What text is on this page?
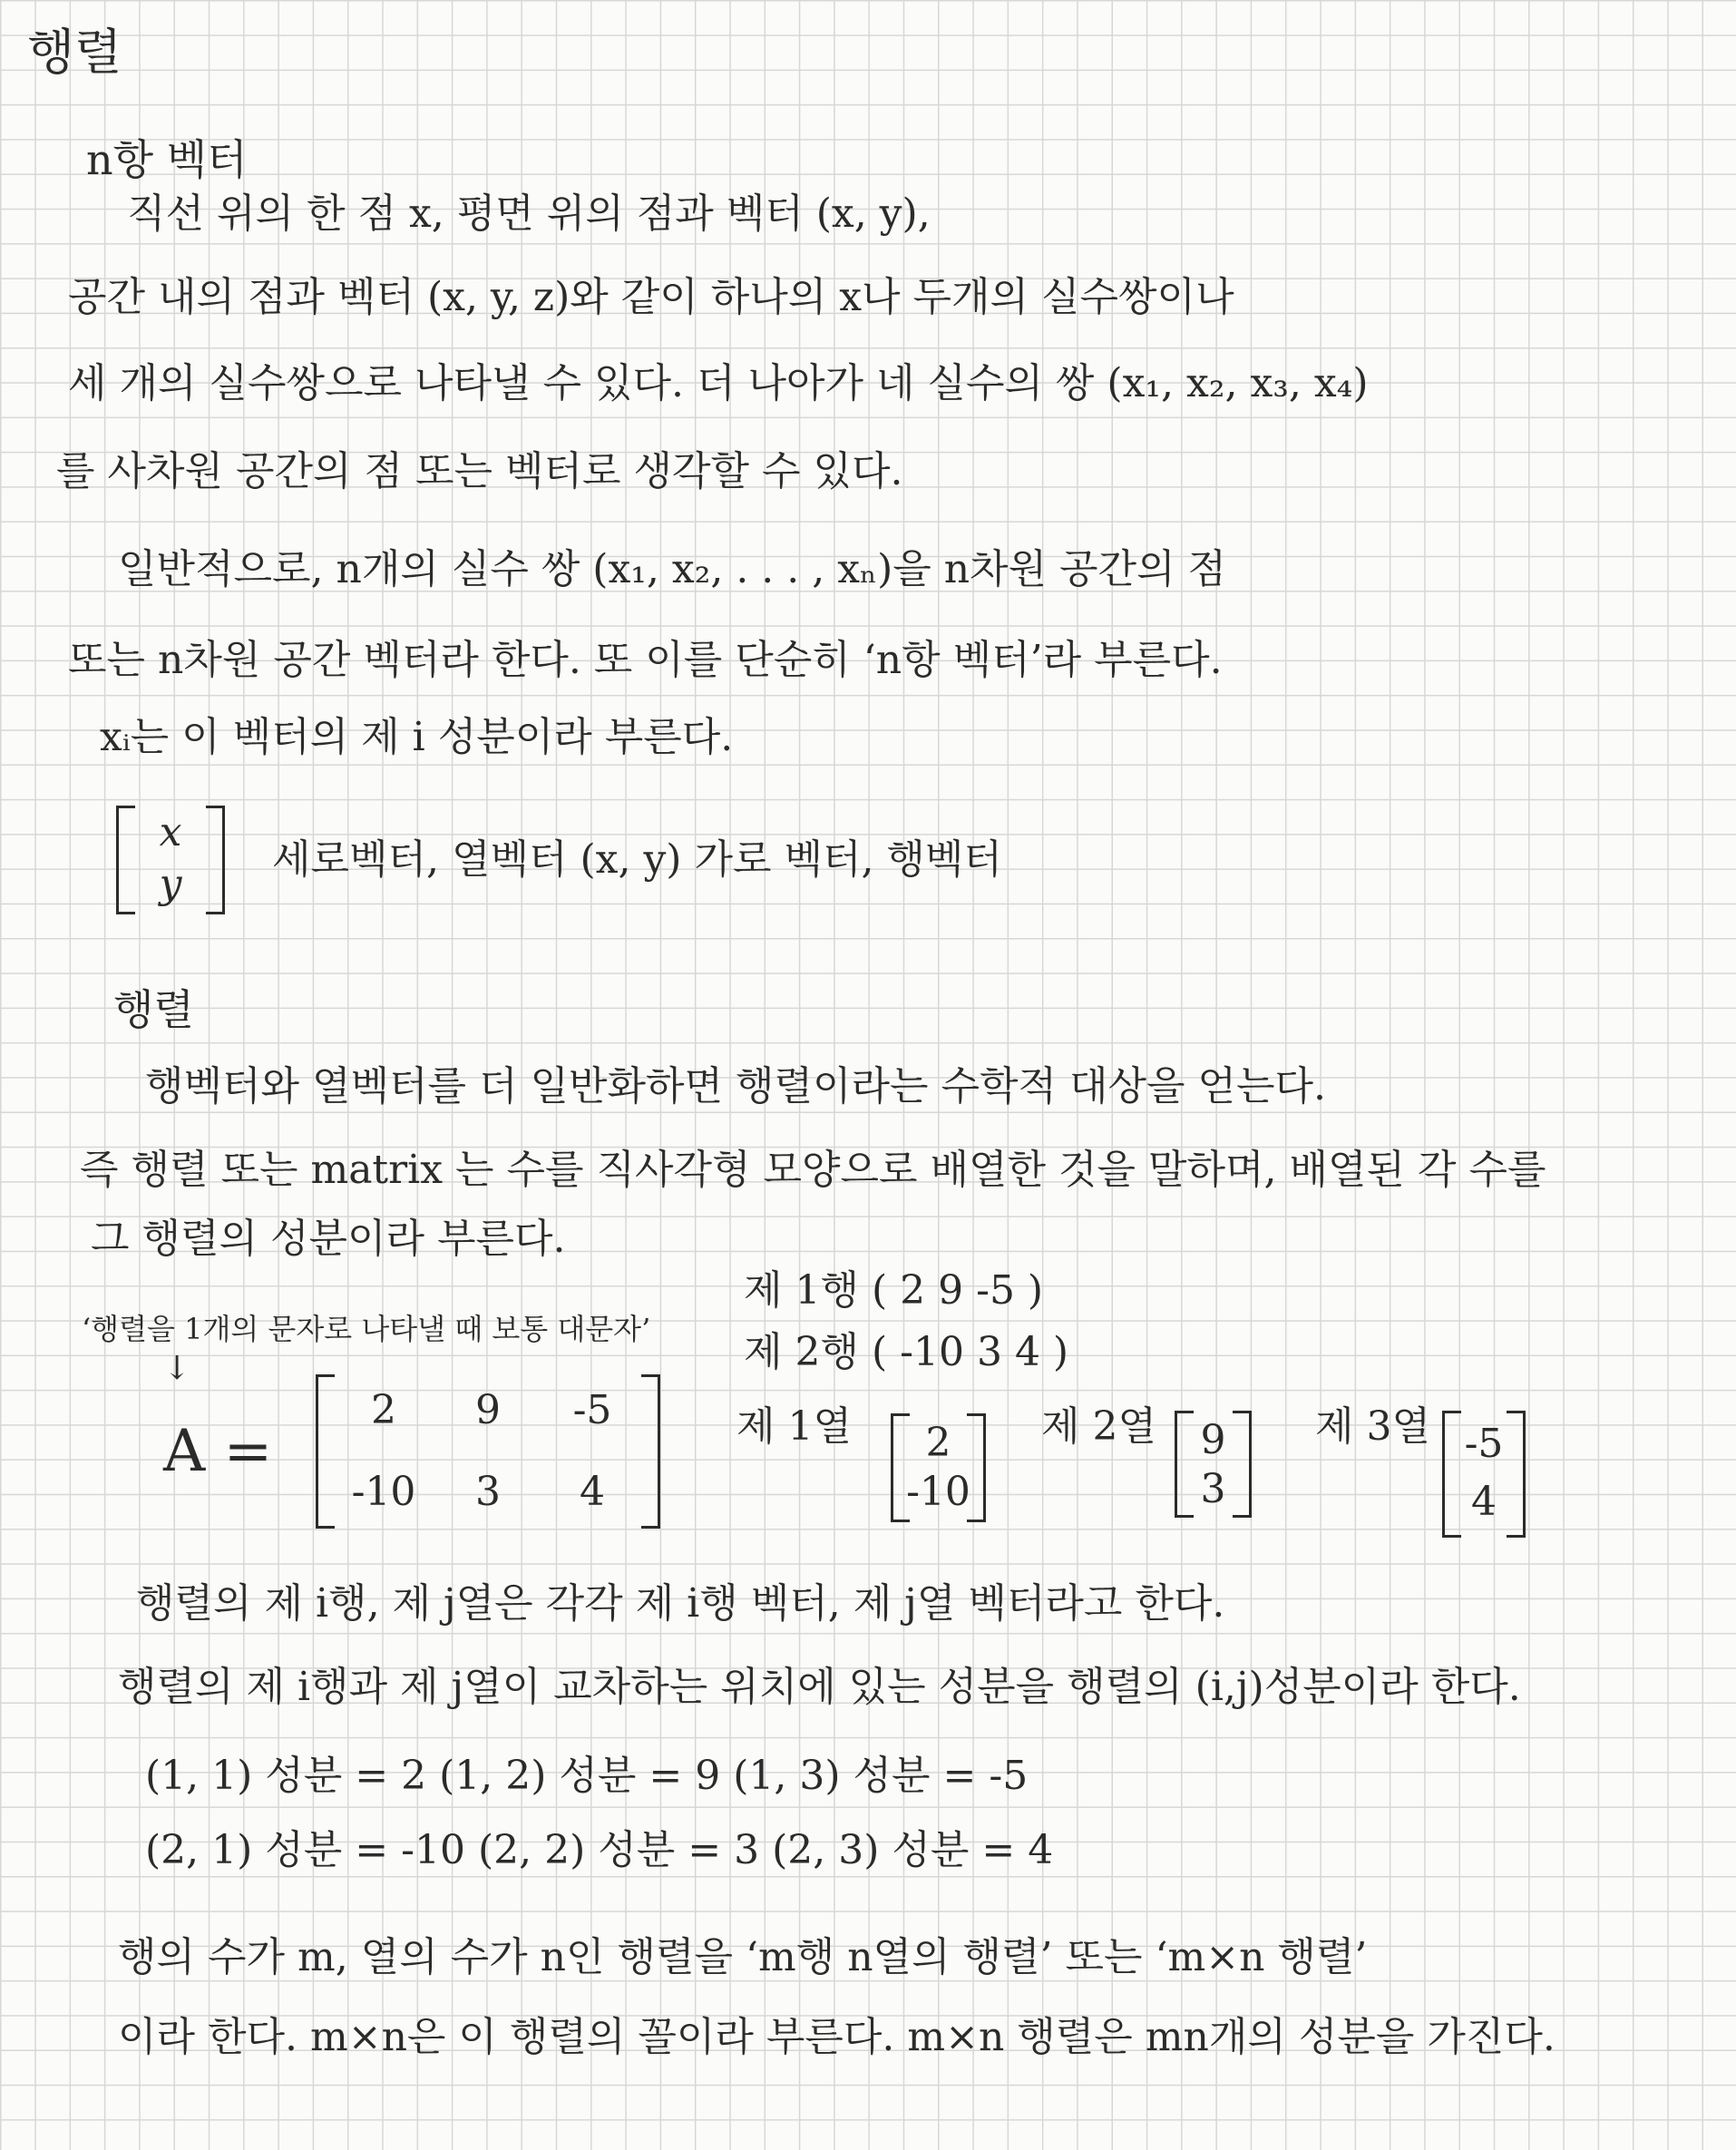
행렬
n항 벡터
직선 위의 한 점 x, 평면 위의 점과 벡터 (x, y),
공간 내의 점과 벡터 (x, y, z)와 같이 하나의 x나 두개의 실수쌍이나
세 개의 실수쌍으로 나타낼 수 있다. 더 나아가 네 실수의 쌍 (x₁, x₂, x₃, x₄)
를 사차원 공간의 점 또는 벡터로 생각할 수 있다.
일반적으로, n개의 실수 쌍 (x₁, x₂, . . . , xₙ)을 n차원 공간의 점
또는 n차원 공간 벡터라 한다. 또 이를 단순히 ‘n항 벡터’라 부른다.
xᵢ는 이 벡터의 제 i 성분이라 부른다.
x
y
세로벡터, 열벡터 (x, y) 가로 벡터, 행벡터
행렬
행벡터와 열벡터를 더 일반화하면 행렬이라는 수학적 대상을 얻는다.
즉 행렬 또는 matrix 는 수를 직사각형 모양으로 배열한 것을 말하며, 배열된 각 수를
그 행렬의 성분이라 부른다.
‘행렬을 1개의 문자로 나타낼 때 보통 대문자’
↓
제 1행 ( 2 9 -5 )
제 2행 ( -10 3 4 )
A =
2	9	-5
-10	3	4
제 1열	2
-10
제 2열	9
3
제 3열 -5
4
행렬의 제 i행, 제 j열은 각각 제 i행 벡터, 제 j열 벡터라고 한다.
행렬의 제 i행과 제 j열이 교차하는 위치에 있는 성분을 행렬의 (i,j)성분이라 한다.
(1, 1) 성분 = 2 (1, 2) 성분 = 9 (1, 3) 성분 = -5
(2, 1) 성분 = -10 (2, 2) 성분 = 3 (2, 3) 성분 = 4
행의 수가 m, 열의 수가 n인 행렬을 ‘m행 n열의 행렬’ 또는 ‘m×n 행렬’
이라 한다. m×n은 이 행렬의 꼴이라 부른다. m×n 행렬은 mn개의 성분을 가진다.
